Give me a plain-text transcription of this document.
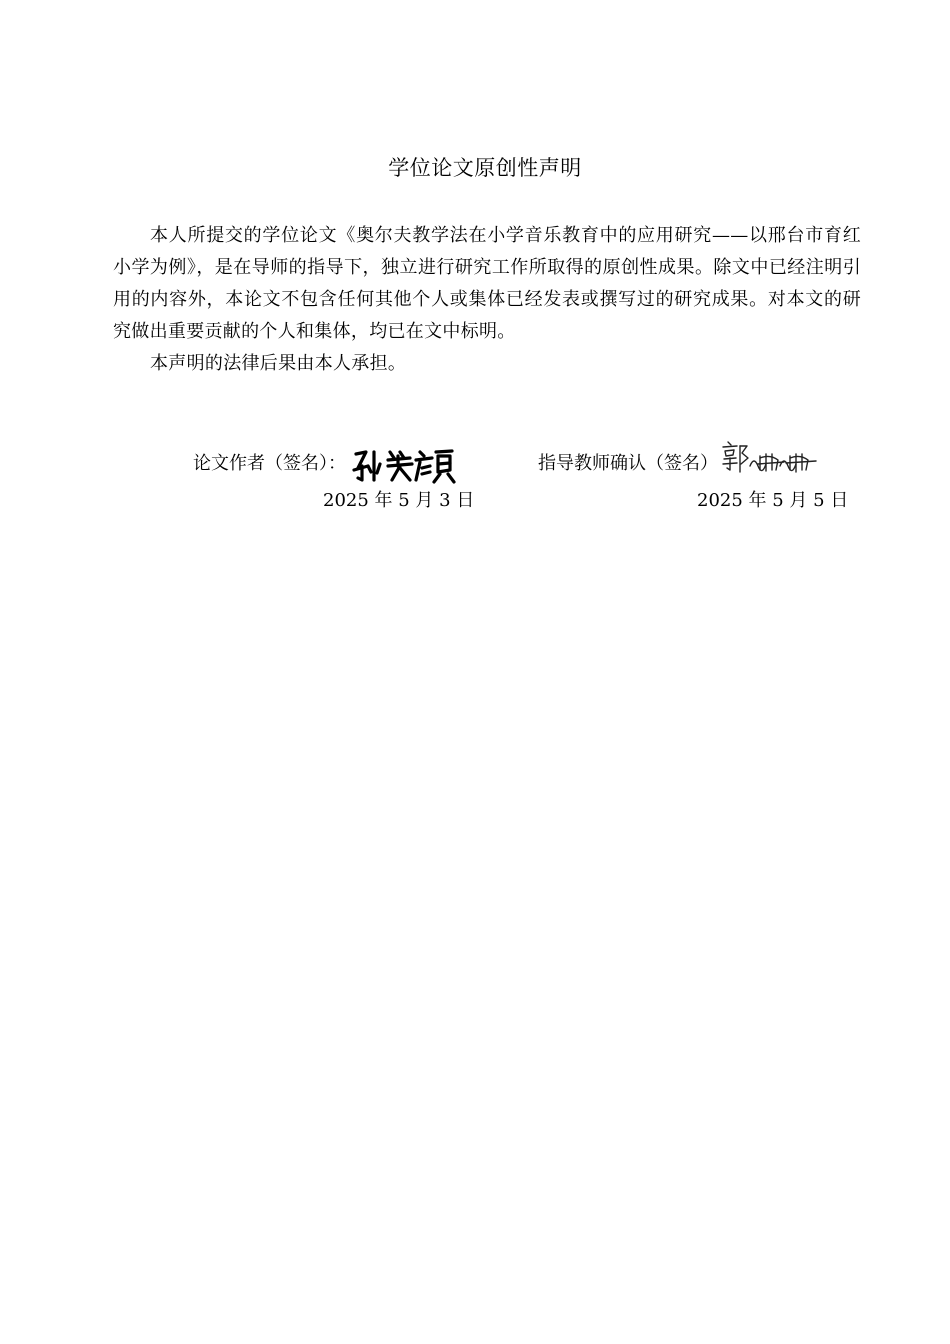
学位论文原创性声明

本人所提交的学位论文《奥尔夫教学法在小学音乐教育中的应用研究——以邢台市育红小学为例》，是在导师的指导下，独立进行研究工作所取得的原创性成果。除文中已经注明引用的内容外，本论文不包含任何其他个人或集体已经发表或撰写过的研究成果。对本文的研究做出重要贡献的个人和集体，均已在文中标明。

本声明的法律后果由本人承担。

论文作者（签名）：
2025 年 5 月 3 日
指导教师确认（签名）
2025 年 5 月 5 日
